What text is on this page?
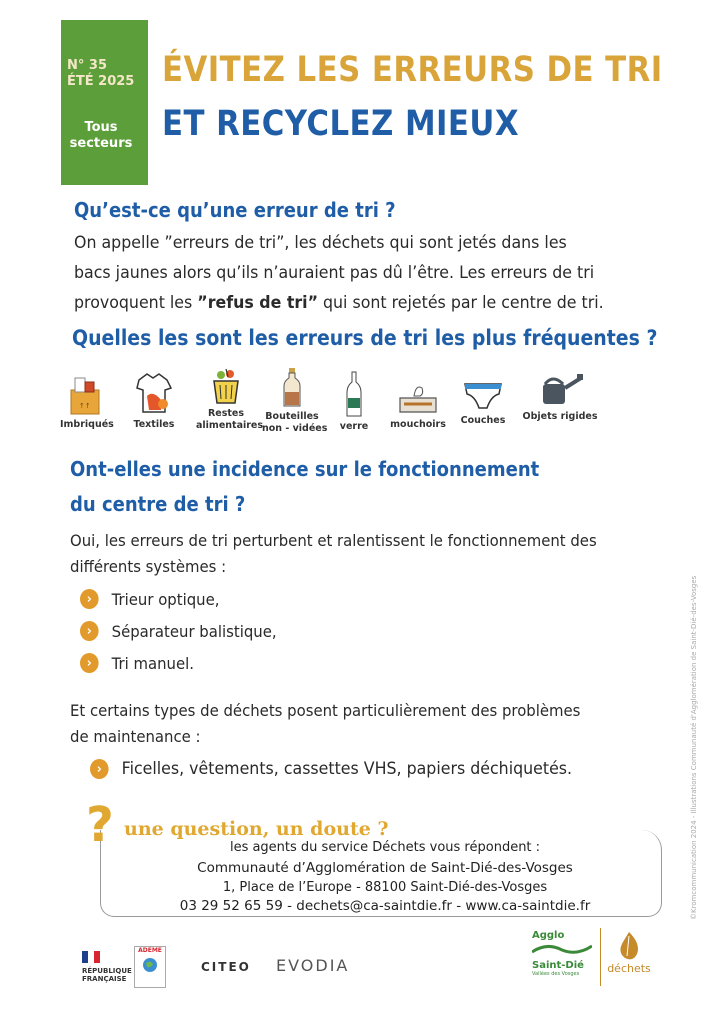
N° 35
ÉTÉ 2025
Tous
secteurs
ÉVITEZ LES ERREURS DE TRI
ET RECYCLEZ MIEUX
Qu’est-ce qu’une erreur de tri ?
On appelle ”erreurs de tri”, les déchets qui sont jetés dans les
bacs jaunes alors qu’ils n’auraient pas dû l’être. Les erreurs de tri
provoquent les ”refus de tri” qui sont rejetés par le centre de tri.
Quelles les sont les erreurs de tri les plus fréquentes ?
↑↑
Imbriqués	Textiles
Restes
alimentaires
Bouteilles
non - vidées	verre	mouchoirs	Couches	Objets rigides
Ont-elles une incidence sur le fonctionnement
du centre de tri ?
Oui, les erreurs de tri perturbent et ralentissent le fonctionnement des
différents systèmes :
›	Trieur optique,
›	Séparateur balistique,
›	Tri manuel.
Et certains types de déchets posent particulièrement des problèmes
de maintenance :
›	Ficelles, vêtements, cassettes VHS, papiers déchiquetés.
? une question, un doute ?
les agents du service Déchets vous répondent :
Communauté d’Agglomération de Saint-Dié-des-Vosges
1, Place de l’Europe - 88100 Saint-Dié-des-Vosges
03 29 52 65 59 - dechets@ca-saintdie.fr - www.ca-saintdie.fr	©Kromcommunication 2024 - Illustrations Communauté d'Agglomération de Saint-Dié-des-Vosges
RÉPUBLIQUE
FRANÇAISE
ADEME
CITEO EVODIA
Agglo
Saint-Dié
Vallées des Vosges	déchets
